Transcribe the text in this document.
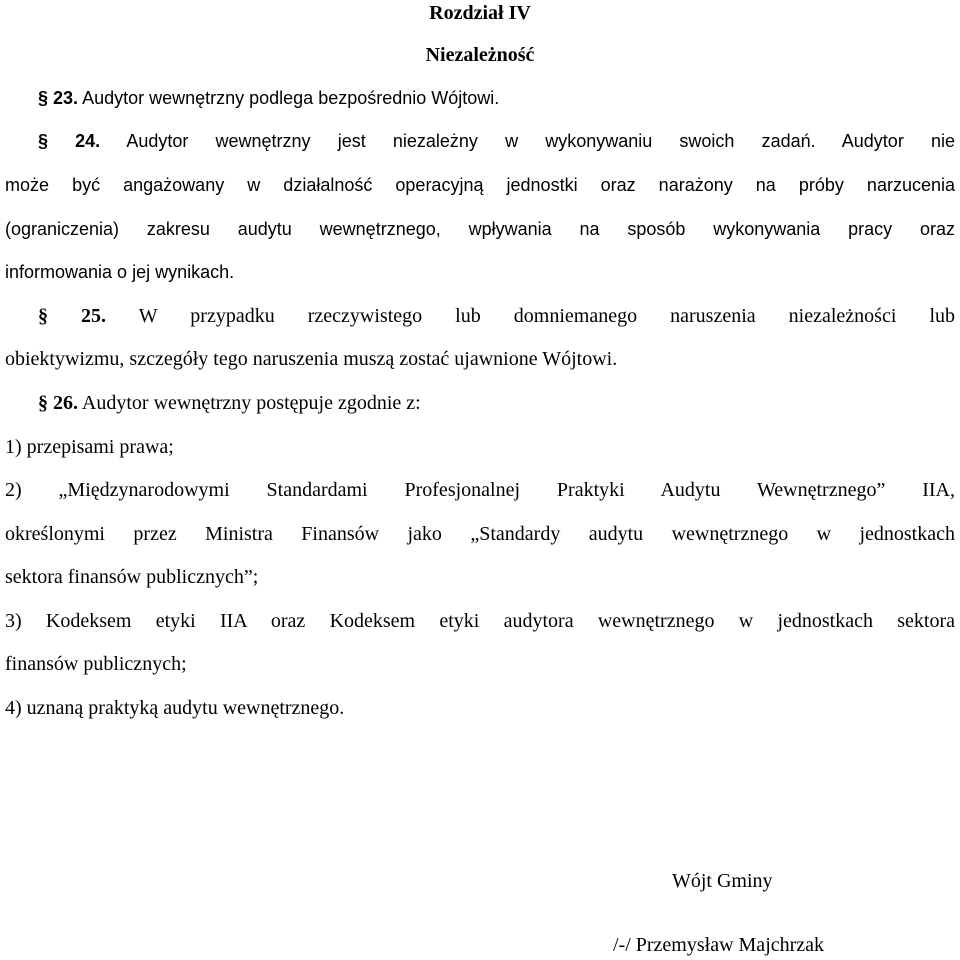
Rozdział IV
Niezależność
§ 23. Audytor wewnętrzny podlega bezpośrednio Wójtowi.
§ 24. Audytor wewnętrzny jest niezależny w wykonywaniu swoich zadań. Audytor nie
może być angażowany w działalność operacyjną jednostki oraz narażony na próby narzucenia
(ograniczenia) zakresu audytu wewnętrznego, wpływania na sposób wykonywania pracy oraz
informowania o jej wynikach.
§ 25. W przypadku rzeczywistego lub domniemanego naruszenia niezależności lub
obiektywizmu, szczegóły tego naruszenia muszą zostać ujawnione Wójtowi.
§ 26. Audytor wewnętrzny postępuje zgodnie z:
1) przepisami prawa;
2) „Międzynarodowymi Standardami Profesjonalnej Praktyki Audytu Wewnętrznego” IIA,
określonymi przez Ministra Finansów jako „Standardy audytu wewnętrznego w jednostkach
sektora finansów publicznych”;
3) Kodeksem etyki IIA oraz Kodeksem etyki audytora wewnętrznego w jednostkach sektora
finansów publicznych;
4) uznaną praktyką audytu wewnętrznego.
Wójt Gminy
/-/ Przemysław Majchrzak
